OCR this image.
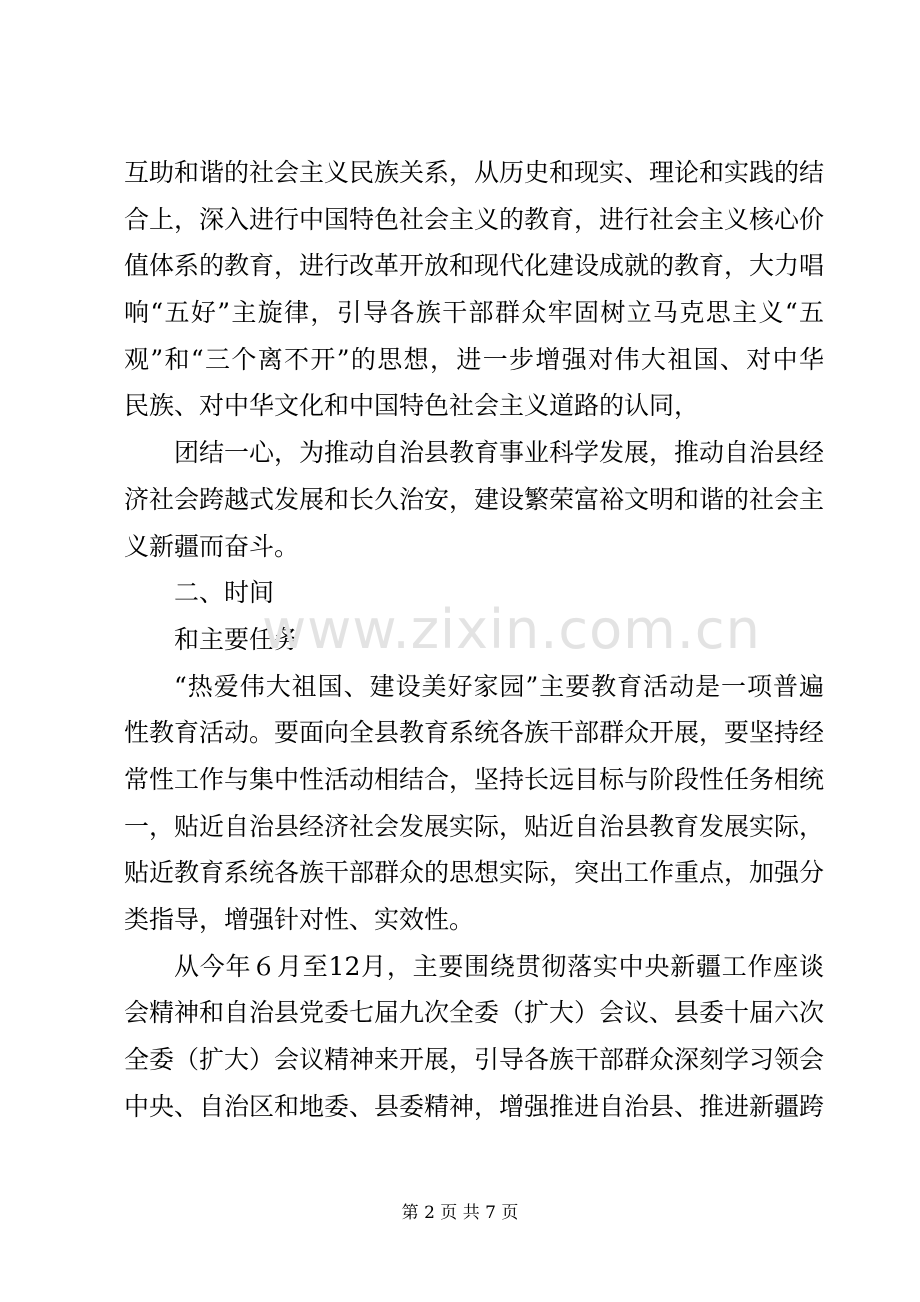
互助和谐的社会主义民族关系，从历史和现实、理论和实践的结
合上，深入进行中国特色社会主义的教育，进行社会主义核心价
值体系的教育，进行改革开放和现代化建设成就的教育，大力唱
响“五好”主旋律，引导各族干部群众牢固树立马克思主义“五
观”和“三个离不开”的思想，进一步增强对伟大祖国、对中华
民族、对中华文化和中国特色社会主义道路的认同，
团结一心，为推动自治县教育事业科学发展，推动自治县经
济社会跨越式发展和长久治安，建设繁荣富裕文明和谐的社会主
义新疆而奋斗。
二、时间
和主要任务
“热爱伟大祖国、建设美好家园”主要教育活动是一项普遍
性教育活动。要面向全县教育系统各族干部群众开展，要坚持经
常性工作与集中性活动相结合，坚持长远目标与阶段性任务相统
一，贴近自治县经济社会发展实际，贴近自治县教育发展实际，
贴近教育系统各族干部群众的思想实际，突出工作重点，加强分
类指导，增强针对性、实效性。
从今年６月至12月，主要围绕贯彻落实中央新疆工作座谈
会精神和自治县党委七届九次全委（扩大）会议、县委十届六次
全委（扩大）会议精神来开展，引导各族干部群众深刻学习领会
中央、自治区和地委、县委精神，增强推进自治县、推进新疆跨
www.zixin.com.cn
第 2 页 共 7 页
